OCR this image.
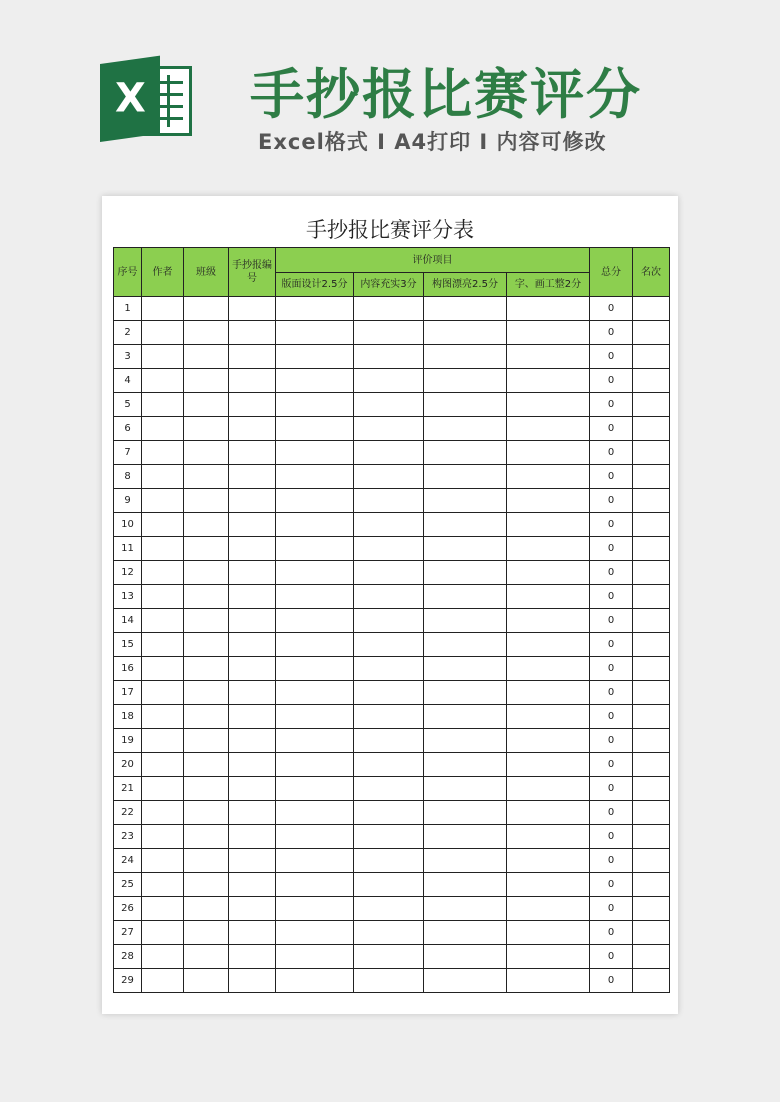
X 手抄报比赛评分
Excel格式 I A4打印 I 内容可修改
手抄报比赛评分表
序号	作者	班级	手抄报编号	评价项目				总分	名次
				版面设计2.5分	内容充实3分	构图漂亮2.5分	字、画工整2分		
1								0	
2								0	
3								0	
4								0	
5								0	
6								0	
7								0	
8								0	
9								0	
10								0	
11								0	
12								0	
13								0	
14								0	
15								0	
16								0	
17								0	
18								0	
19								0	
20								0	
21								0	
22								0	
23								0	
24								0	
25								0	
26								0	
27								0	
28								0	
29								0	
